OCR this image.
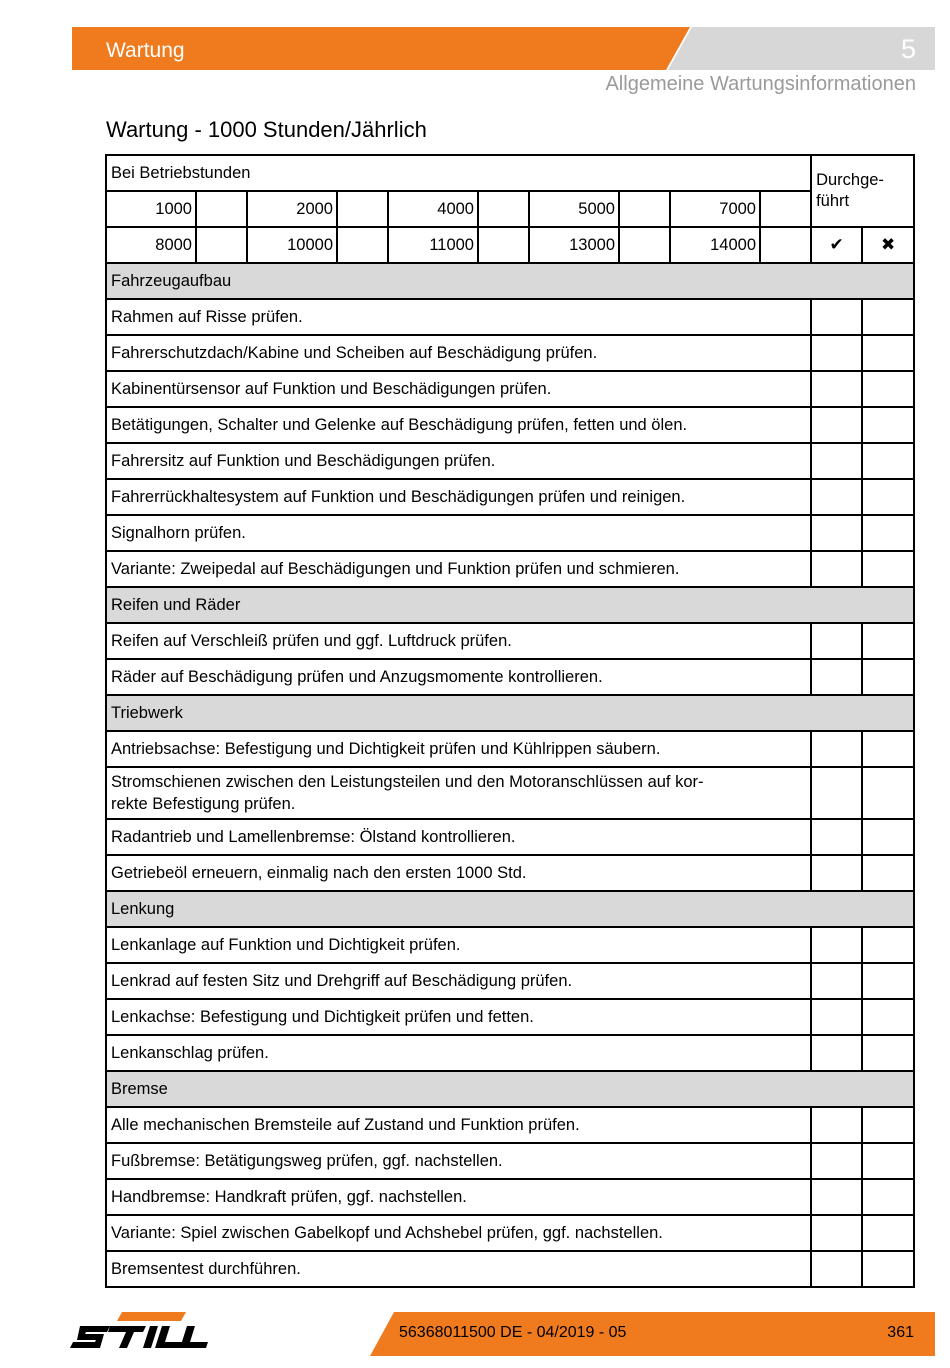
Wartung	5
Allgemeine Wartungsinformationen
Wartung - 1000 Stunden/Jährlich
Bei Betriebstunden										Durchge-
führt	
1000		2000		4000		5000		7000			
8000		10000		11000		13000		14000		✔	✖
Fahrzeugaufbau											
Rahmen auf Risse prüfen.											
Fahrerschutzdach/Kabine und Scheiben auf Beschädigung prüfen.											
Kabinentürsensor auf Funktion und Beschädigungen prüfen.											
Betätigungen, Schalter und Gelenke auf Beschädigung prüfen, fetten und ölen.											
Fahrersitz auf Funktion und Beschädigungen prüfen.											
Fahrerrückhaltesystem auf Funktion und Beschädigungen prüfen und reinigen.											
Signalhorn prüfen.											
Variante: Zweipedal auf Beschädigungen und Funktion prüfen und schmieren.											
Reifen und Räder											
Reifen auf Verschleiß prüfen und ggf. Luftdruck prüfen.											
Räder auf Beschädigung prüfen und Anzugsmomente kontrollieren.											
Triebwerk											
Antriebsachse: Befestigung und Dichtigkeit prüfen und Kühlrippen säubern.											
Stromschienen zwischen den Leistungsteilen und den Motoranschlüssen auf kor-
rekte Befestigung prüfen.											
Radantrieb und Lamellenbremse: Ölstand kontrollieren.											
Getriebeöl erneuern, einmalig nach den ersten 1000 Std.											
Lenkung											
Lenkanlage auf Funktion und Dichtigkeit prüfen.											
Lenkrad auf festen Sitz und Drehgriff auf Beschädigung prüfen.											
Lenkachse: Befestigung und Dichtigkeit prüfen und fetten.											
Lenkanschlag prüfen.											
Bremse											
Alle mechanischen Bremsteile auf Zustand und Funktion prüfen.											
Fußbremse: Betätigungsweg prüfen, ggf. nachstellen.											
Handbremse: Handkraft prüfen, ggf. nachstellen.											
Variante: Spiel zwischen Gabelkopf und Achshebel prüfen, ggf. nachstellen.											
Bremsentest durchführen.											
56368011500 DE - 04/2019 - 05	361
